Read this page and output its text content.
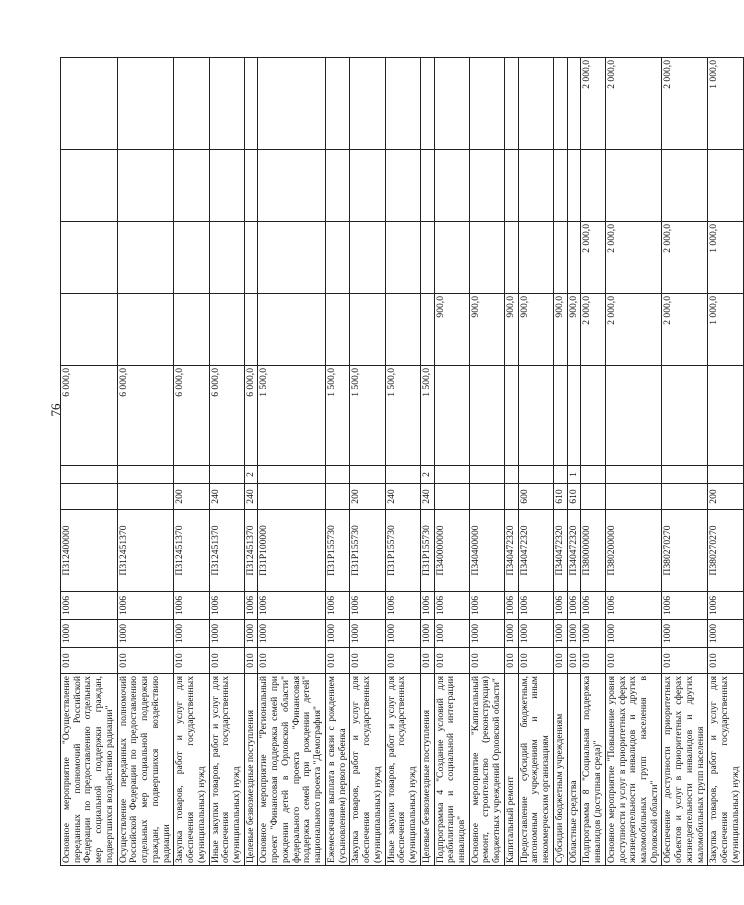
76
Основное мероприятие "Осуществление переданных полномочий Российской Федерации по предоставлению отдельных мер социальной поддержки граждан, подвергшихся воздействию радиации"	010	1000	1006	П312400000			6 000,0				
Осуществление переданных полномочий Российской Федерации по предоставлению отдельных мер социальной поддержки граждан, подвергшихся воздействию радиации	010	1000	1006	П312451370			6 000,0				
Закупка товаров, работ и услуг для обеспечения государственных (муниципальных) нужд	010	1000	1006	П312451370	200		6 000,0				
Иные закупки товаров, работ и услуг для обеспечения государственных (муниципальных) нужд	010	1000	1006	П312451370	240		6 000,0				
Целевые безвозмездные поступления	010	1000	1006	П312451370	240	2	6 000,0				
Основное мероприятие "Региональный проект "Финансовая поддержка семей при рождении детей в Орловской области" федерального проекта "Финансовая поддержка семей при рождении детей" национального проекта "Демография"	010	1000	1006	П31Р100000			1 500,0				
Ежемесячная выплата в связи с рождением (усыновлением) первого ребенка	010	1000	1006	П31Р155730			1 500,0				
Закупка товаров, работ и услуг для обеспечения государственных (муниципальных) нужд	010	1000	1006	П31Р155730	200		1 500,0				
Иные закупки товаров, работ и услуг для обеспечения государственных (муниципальных) нужд	010	1000	1006	П31Р155730	240		1 500,0				
Целевые безвозмездные поступления	010	1000	1006	П31Р155730	240	2	1 500,0				
Подпрограмма 4 "Создание условий для реабилитации и социальной интеграции инвалидов"	010	1000	1006	П340000000				900,0			
Основное мероприятие "Капитальный ремонт, строительство (реконструкция) бюджетных учреждений Орловской области"	010	1000	1006	П340400000				900,0			
Капитальный ремонт	010	1000	1006	П340472320				900,0			
Предоставление субсидий бюджетным, автономным учреждениям и иным некоммерческим организациям	010	1000	1006	П340472320	600			900,0			
Субсидии бюджетным учреждениям	010	1000	1006	П340472320	610			900,0			
Областные средства	010	1000	1006	П340472320	610	1		900,0			
Подпрограмма 8 "Социальная поддержка инвалидов (доступная среда)"	010	1000	1006	П380000000				2 000,0	2 000,0		2 000,0
Основное мероприятие "Повышение уровня доступности и услуг в приоритетных сферах жизнедеятельности инвалидов и других маломобильных групп населения в Орловской области"	010	1000	1006	П380200000				2 000,0	2 000,0		2 000,0
Обеспечение доступности приоритетных объектов и услуг в приоритетных сферах жизнедеятельности инвалидов и других маломобильных групп населения	010	1000	1006	П380270270				2 000,0	2 000,0		2 000,0
Закупка товаров, работ и услуг для обеспечения государственных (муниципальных) нужд	010	1000	1006	П380270270	200			1 000,0	1 000,0		1 000,0
